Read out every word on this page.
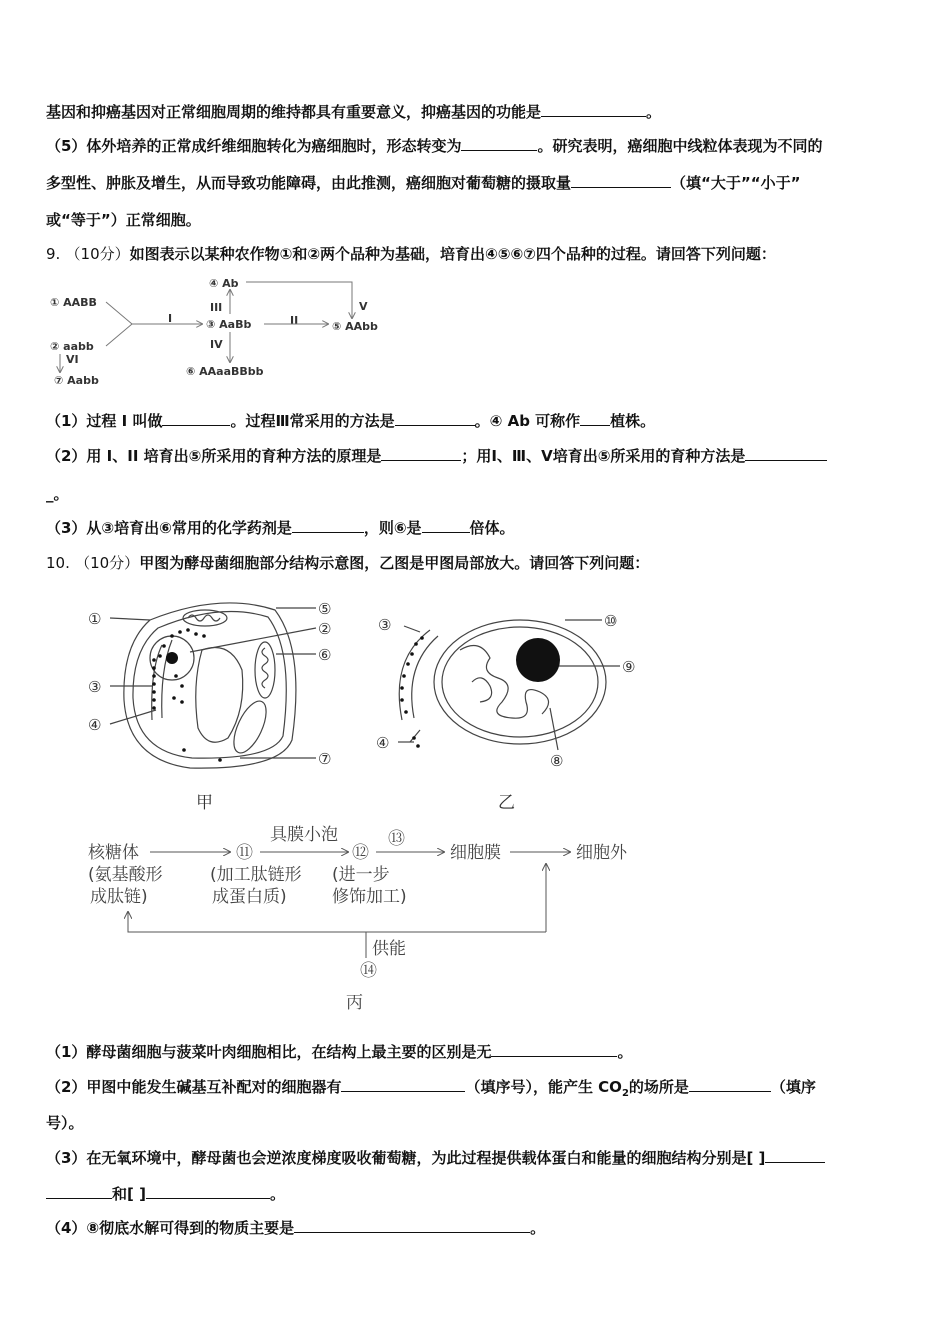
基因和抑癌基因对正常细胞周期的维持都具有重要意义，抑癌基因的功能是	。
（5）体外培养的正常成纤维细胞转化为癌细胞时，形态转变为	。研究表明，癌细胞中线粒体表现为不同的
多型性、肿胀及增生，从而导致功能障碍，由此推测，癌细胞对葡萄糖的摄取量	（填“大于”“小于”
或“等于”）正常细胞。
9. （10分）如图表示以某种农作物①和②两个品种为基础，培育出④⑤⑥⑦四个品种的过程。请回答下列问题：
① AABB
② aabb
③ AaBb
④ Ab
⑤ AAbb
⑥ AAaaBBbb
⑦ Aabb
I	II
III
IV
V
VI
（1）过程 I 叫做	。过程Ⅲ常采用的方法是	。④ Ab 可称作 植株。
（2）用 I、II 培育出⑤所采用的育种方法的原理是	；用Ⅰ、Ⅲ、Ⅴ培育出⑤所采用的育种方法是
_。
（3）从③培育出⑥常用的化学药剂是	，则⑥是	倍体。
10. （10分）甲图为酵母菌细胞部分结构示意图，乙图是甲图局部放大。请回答下列问题：
①
⑤
②
⑥
③
④
⑦
甲
③	⑩
⑨
④
⑧
乙
核糖体
(氨基酸形
成肽链)
⑪
(加工肽链形
成蛋白质)
具膜小泡
⑫
(进一步
修饰加工)
⑬
细胞膜	细胞外
供能
⑭
丙
（1）酵母菌细胞与菠菜叶肉细胞相比，在结构上最主要的区别是无	。
（2）甲图中能发生碱基互补配对的细胞器有	（填序号），能产生 $CO_2$的场所是	（填序
号）。
（3）在无氧环境中，酵母菌也会逆浓度梯度吸收葡萄糖，为此过程提供载体蛋白和能量的细胞结构分别是[ ]
和[ ]	。
（4）⑧彻底水解可得到的物质主要是	。
